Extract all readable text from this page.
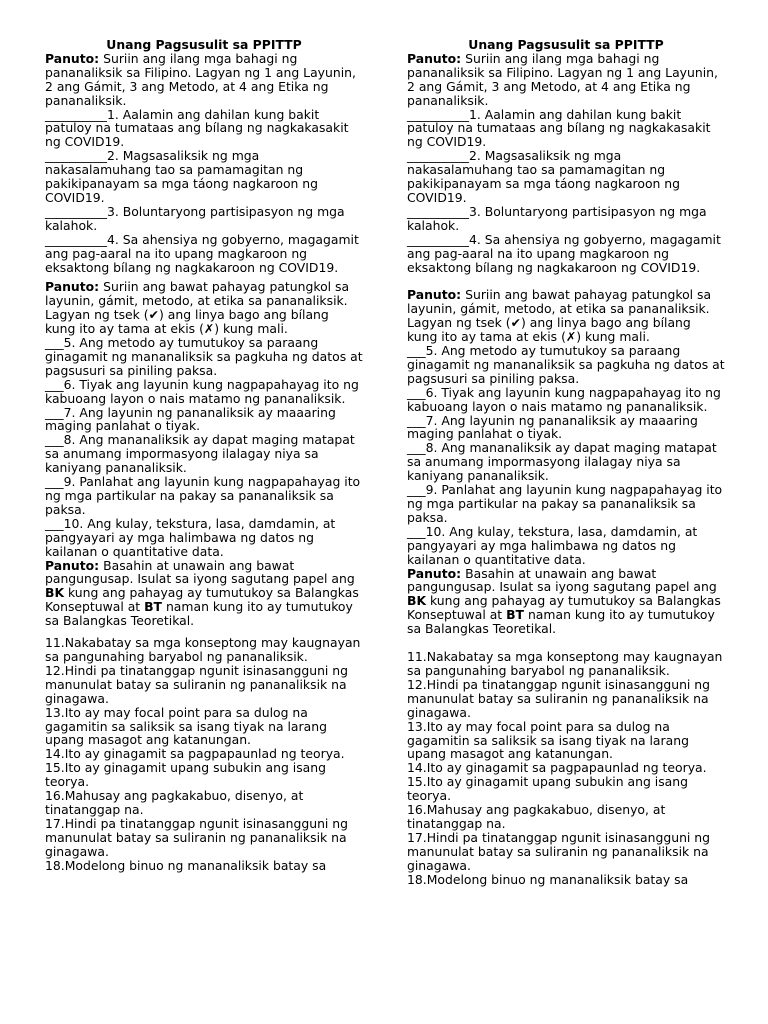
Unang Pagsusulit sa PPITTP

Panuto: Suriin ang ilang mga bahagi ng pananaliksik sa Filipino. Lagyan ng 1 ang Layunin, 2 ang Gámit, 3 ang Metodo, at 4 ang Etika ng pananaliksik.

__________1. Aalamin ang dahilan kung bakit patuloy na tumataas ang bílang ng nagkakasakit ng COVID19.

__________2. Magsasaliksik ng mga nakasalamuhang tao sa pamamagitan ng pakikipanayam sa mga táong nagkaroon ng COVID19.

__________3. Boluntaryong partisipasyon ng mga kalahok.

__________4. Sa ahensiya ng gobyerno, magagamit ang pag-aaral na ito upang magkaroon ng eksaktong bílang ng nagkakaroon ng COVID19.

Panuto: Suriin ang bawat pahayag patungkol sa layunin, gámit, metodo, at etika sa pananaliksik. Lagyan ng tsek (✔) ang linya bago ang bílang kung ito ay tama at ekis (✗) kung mali.

___5. Ang metodo ay tumutukoy sa paraang ginagamit ng mananaliksik sa pagkuha ng datos at pagsusuri sa piniling paksa.

___6. Tiyak ang layunin kung nagpapahayag ito ng kabuoang layon o nais matamo ng pananaliksik.

___7. Ang layunin ng pananaliksik ay maaaring maging panlahat o tiyak.

___8. Ang mananaliksik ay dapat maging matapat sa anumang impormasyong ilalagay niya sa kaniyang pananaliksik.

___9. Panlahat ang layunin kung nagpapahayag ito ng mga partikular na pakay sa pananaliksik sa paksa.

___10. Ang kulay, tekstura, lasa, damdamin, at pangyayari ay mga halimbawa ng datos ng kailanan o quantitative data.

Panuto: Basahin at unawain ang bawat pangungusap. Isulat sa iyong sagutang papel ang BK kung ang pahayag ay tumutukoy sa Balangkas Konseptuwal at BT naman kung ito ay tumutukoy sa Balangkas Teoretikal.

11.Nakabatay sa mga konseptong may kaugnayan sa pangunahing baryabol ng pananaliksik.

12.Hindi pa tinatanggap ngunit isinasangguni ng manunulat batay sa suliranin ng pananaliksik na ginagawa.

13.Ito ay may focal point para sa dulog na gagamitin sa saliksik sa isang tiyak na larang upang masagot ang katanungan.

14.Ito ay ginagamit sa pagpapaunlad ng teorya.

15.Ito ay ginagamit upang subukin ang isang teorya.

16.Mahusay ang pagkakabuo, disenyo, at tinatanggap na.

17.Hindi pa tinatanggap ngunit isinasangguni ng manunulat batay sa suliranin ng pananaliksik na ginagawa.

18.Modelong binuo ng mananaliksik batay sa

Unang Pagsusulit sa PPITTP

Panuto: Suriin ang ilang mga bahagi ng pananaliksik sa Filipino. Lagyan ng 1 ang Layunin, 2 ang Gámit, 3 ang Metodo, at 4 ang Etika ng pananaliksik.

__________1. Aalamin ang dahilan kung bakit patuloy na tumataas ang bílang ng nagkakasakit ng COVID19.

__________2. Magsasaliksik ng mga nakasalamuhang tao sa pamamagitan ng pakikipanayam sa mga táong nagkaroon ng COVID19.

__________3. Boluntaryong partisipasyon ng mga kalahok.

__________4. Sa ahensiya ng gobyerno, magagamit ang pag-aaral na ito upang magkaroon ng eksaktong bílang ng nagkakaroon ng COVID19.

Panuto: Suriin ang bawat pahayag patungkol sa layunin, gámit, metodo, at etika sa pananaliksik. Lagyan ng tsek (✔) ang linya bago ang bílang kung ito ay tama at ekis (✗) kung mali.

___5. Ang metodo ay tumutukoy sa paraang ginagamit ng mananaliksik sa pagkuha ng datos at pagsusuri sa piniling paksa.

___6. Tiyak ang layunin kung nagpapahayag ito ng kabuoang layon o nais matamo ng pananaliksik.

___7. Ang layunin ng pananaliksik ay maaaring maging panlahat o tiyak.

___8. Ang mananaliksik ay dapat maging matapat sa anumang impormasyong ilalagay niya sa kaniyang pananaliksik.

___9. Panlahat ang layunin kung nagpapahayag ito ng mga partikular na pakay sa pananaliksik sa paksa.

___10. Ang kulay, tekstura, lasa, damdamin, at pangyayari ay mga halimbawa ng datos ng kailanan o quantitative data.

Panuto: Basahin at unawain ang bawat pangungusap. Isulat sa iyong sagutang papel ang BK kung ang pahayag ay tumutukoy sa Balangkas Konseptuwal at BT naman kung ito ay tumutukoy sa Balangkas Teoretikal.

11.Nakabatay sa mga konseptong may kaugnayan sa pangunahing baryabol ng pananaliksik.

12.Hindi pa tinatanggap ngunit isinasangguni ng manunulat batay sa suliranin ng pananaliksik na ginagawa.

13.Ito ay may focal point para sa dulog na gagamitin sa saliksik sa isang tiyak na larang upang masagot ang katanungan.

14.Ito ay ginagamit sa pagpapaunlad ng teorya.

15.Ito ay ginagamit upang subukin ang isang teorya.

16.Mahusay ang pagkakabuo, disenyo, at tinatanggap na.

17.Hindi pa tinatanggap ngunit isinasangguni ng manunulat batay sa suliranin ng pananaliksik na ginagawa.

18.Modelong binuo ng mananaliksik batay sa
